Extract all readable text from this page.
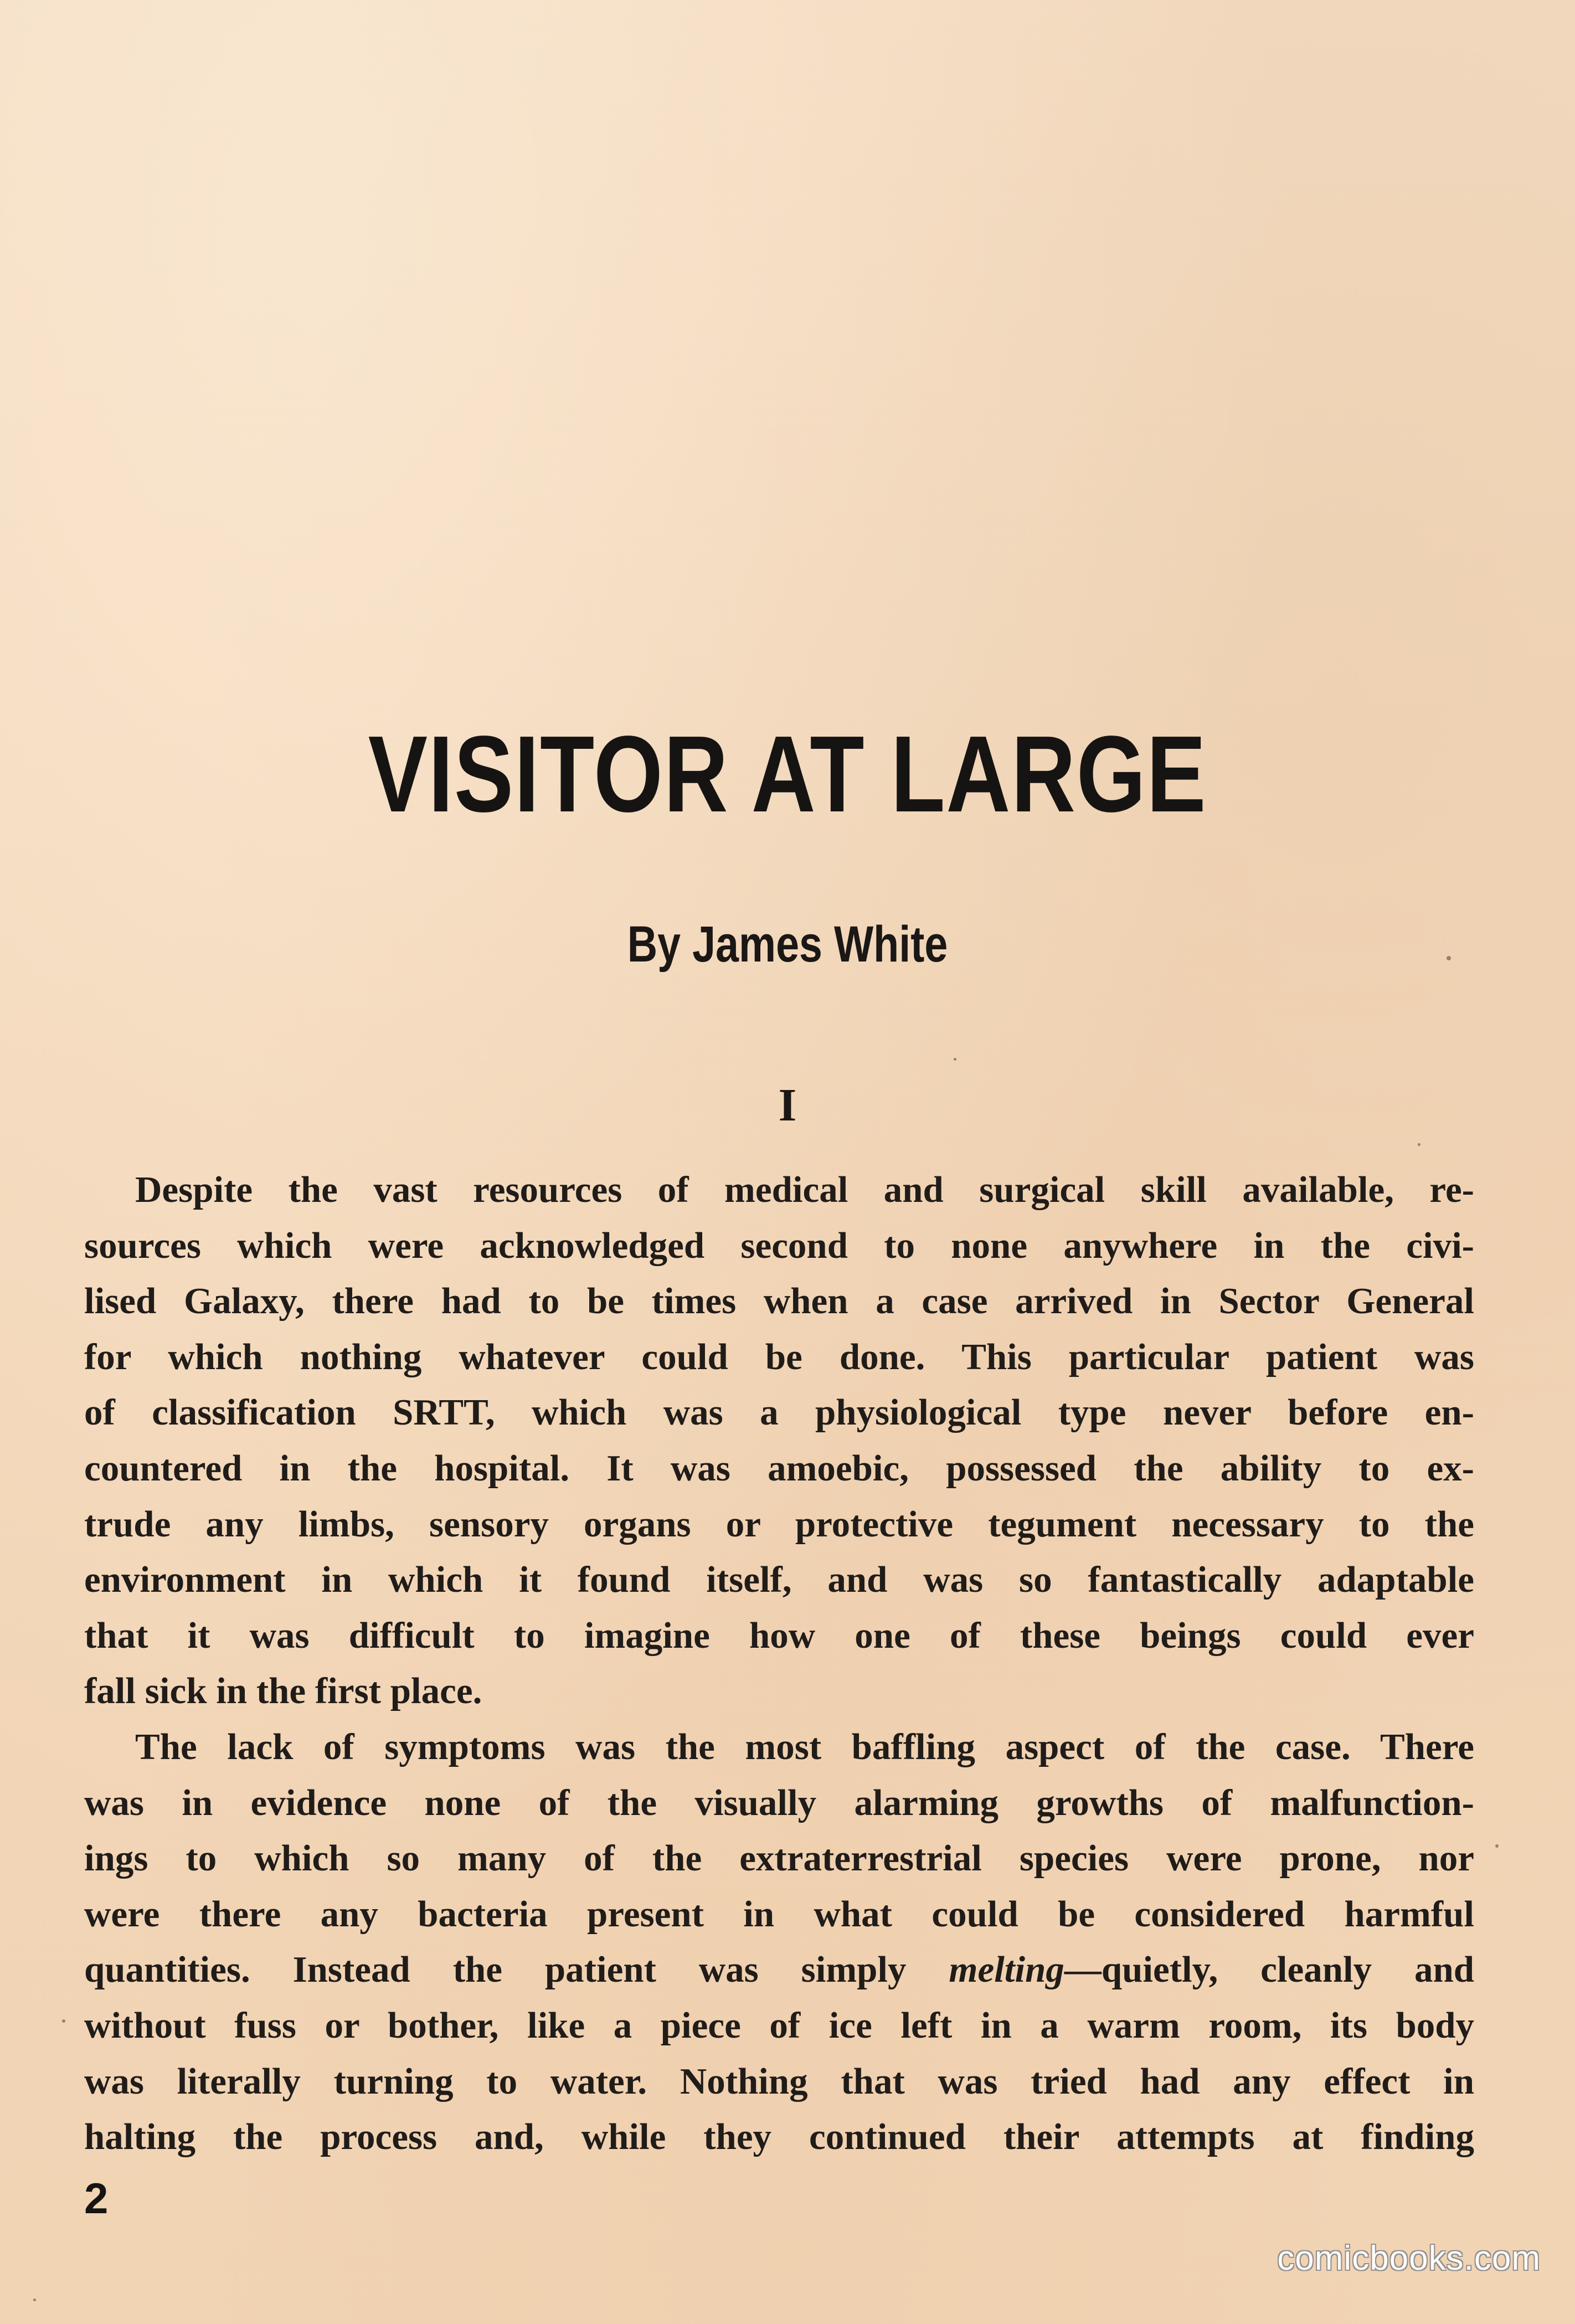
VISITOR AT LARGE
By James White
I
Despite the vast resources of medical and surgical skill available, re-
sources which were acknowledged second to none anywhere in the civi-
lised Galaxy, there had to be times when a case arrived in Sector General
for which nothing whatever could be done. This particular patient was
of classification SRTT, which was a physiological type never before en-
countered in the hospital. It was amoebic, possessed the ability to ex-
trude any limbs, sensory organs or protective tegument necessary to the
environment in which it found itself, and was so fantastically adaptable
that it was difficult to imagine how one of these beings could ever
fall sick in the first place.
The lack of symptoms was the most baffling aspect of the case. There
was in evidence none of the visually alarming growths of malfunction-
ings to which so many of the extraterrestrial species were prone, nor
were there any bacteria present in what could be considered harmful
quantities. Instead the patient was simply melting—quietly, cleanly and
without fuss or bother, like a piece of ice left in a warm room, its body
was literally turning to water. Nothing that was tried had any effect in
halting the process and, while they continued their attempts at finding
2
comicbooks.com
